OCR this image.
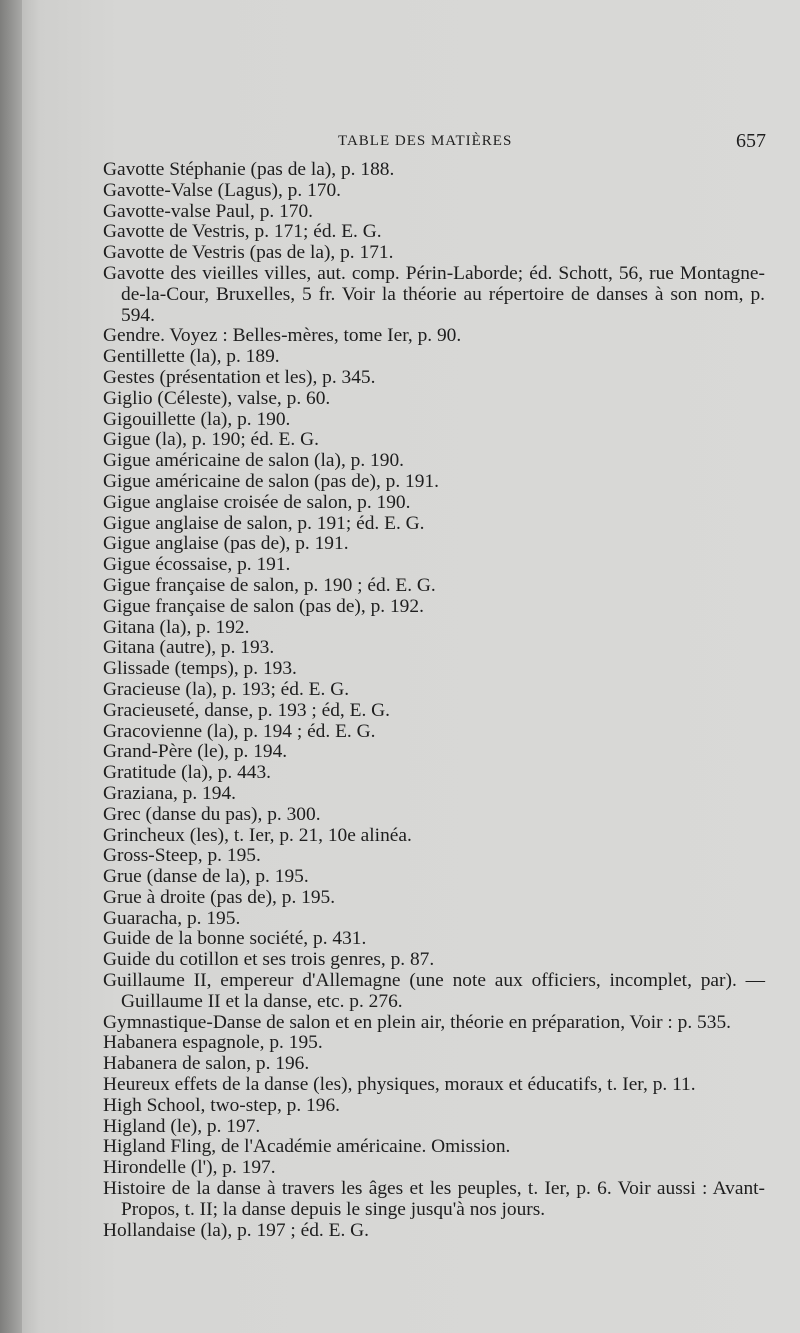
TABLE DES MATIÈRES	657
Gavotte Stéphanie (pas de la), p. 188.
Gavotte-Valse (Lagus), p. 170.
Gavotte-valse Paul, p. 170.
Gavotte de Vestris, p. 171; éd. E. G.
Gavotte de Vestris (pas de la), p. 171.
Gavotte des vieilles villes, aut. comp. Périn-Laborde; éd. Schott, 56, rue Montagne-de-la-Cour, Bruxelles, 5 fr. Voir la théorie au répertoire de danses à son nom, p. 594.
Gendre. Voyez : Belles-mères, tome Ier, p. 90.
Gentillette (la), p. 189.
Gestes (présentation et les), p. 345.
Giglio (Céleste), valse, p. 60.
Gigouillette (la), p. 190.
Gigue (la), p. 190; éd. E. G.
Gigue américaine de salon (la), p. 190.
Gigue américaine de salon (pas de), p. 191.
Gigue anglaise croisée de salon, p. 190.
Gigue anglaise de salon, p. 191; éd. E. G.
Gigue anglaise (pas de), p. 191.
Gigue écossaise, p. 191.
Gigue française de salon, p. 190 ; éd. E. G.
Gigue française de salon (pas de), p. 192.
Gitana (la), p. 192.
Gitana (autre), p. 193.
Glissade (temps), p. 193.
Gracieuse (la), p. 193; éd. E. G.
Gracieuseté, danse, p. 193 ; éd, E. G.
Gracovienne (la), p. 194 ; éd. E. G.
Grand-Père (le), p. 194.
Gratitude (la), p. 443.
Graziana, p. 194.
Grec (danse du pas), p. 300.
Grincheux (les), t. Ier, p. 21, 10e alinéa.
Gross-Steep, p. 195.
Grue (danse de la), p. 195.
Grue à droite (pas de), p. 195.
Guaracha, p. 195.
Guide de la bonne société, p. 431.
Guide du cotillon et ses trois genres, p. 87.
Guillaume II, empereur d'Allemagne (une note aux officiers, incomplet, par). — Guillaume II et la danse, etc. p. 276.
Gymnastique-Danse de salon et en plein air, théorie en préparation, Voir : p. 535.
Habanera espagnole, p. 195.
Habanera de salon, p. 196.
Heureux effets de la danse (les), physiques, moraux et éducatifs, t. Ier, p. 11.
High School, two-step, p. 196.
Higland (le), p. 197.
Higland Fling, de l'Académie américaine. Omission.
Hirondelle (l'), p. 197.
Histoire de la danse à travers les âges et les peuples, t. Ier, p. 6. Voir aussi : Avant-Propos, t. II; la danse depuis le singe jusqu'à nos jours.
Hollandaise (la), p. 197 ; éd. E. G.
